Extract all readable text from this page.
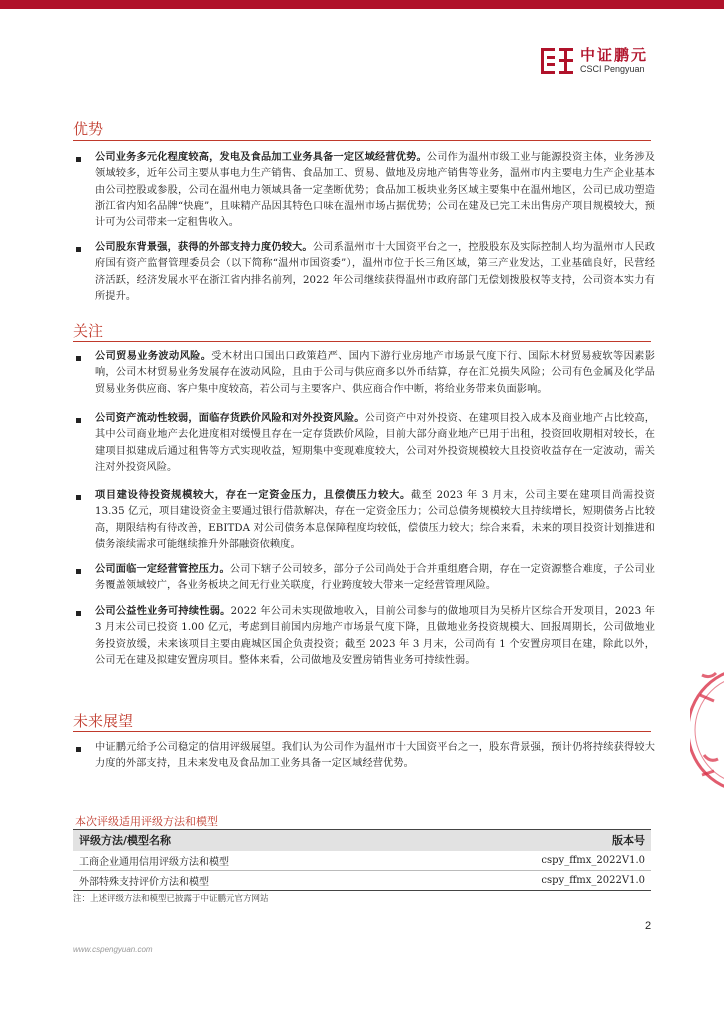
中证鹏元
CSCI Pengyuan
优势
公司业务多元化程度较高，发电及食品加工业务具备一定区域经营优势。公司作为温州市级工业与能源投资主体，业务涉及领域较多，近年公司主要从事电力生产销售、食品加工、贸易、做地及房地产销售等业务，温州市内主要电力生产企业基本由公司控股或参股，公司在温州电力领域具备一定垄断优势；食品加工板块业务区域主要集中在温州地区，公司已成功塑造浙江省内知名品牌“快鹿”，且味精产品因其特色口味在温州市场占据优势；公司在建及已完工未出售房产项目规模较大，预计可为公司带来一定租售收入。
公司股东背景强，获得的外部支持力度仍较大。公司系温州市十大国资平台之一，控股股东及实际控制人均为温州市人民政府国有资产监督管理委员会（以下简称“温州市国资委”），温州市位于长三角区域，第三产业发达，工业基础良好，民营经济活跃，经济发展水平在浙江省内排名前列，2022 年公司继续获得温州市政府部门无偿划拨股权等支持，公司资本实力有所提升。
关注
公司贸易业务波动风险。受木材出口国出口政策趋严、国内下游行业房地产市场景气度下行、国际木材贸易疲软等因素影响，公司木材贸易业务发展存在波动风险，且由于公司与供应商多以外币结算，存在汇兑损失风险；公司有色金属及化学品贸易业务供应商、客户集中度较高，若公司与主要客户、供应商合作中断，将给业务带来负面影响。
公司资产流动性较弱，面临存货跌价风险和对外投资风险。公司资产中对外投资、在建项目投入成本及商业地产占比较高，其中公司商业地产去化进度相对缓慢且存在一定存货跌价风险，目前大部分商业地产已用于出租，投资回收期相对较长，在建项目拟建成后通过租售等方式实现收益，短期集中变现难度较大，公司对外投资规模较大且投资收益存在一定波动，需关注对外投资风险。
项目建设待投资规模较大，存在一定资金压力，且偿债压力较大。截至 2023 年 3 月末，公司主要在建项目尚需投资 13.35 亿元，项目建设资金主要通过银行借款解决，存在一定资金压力；公司总债务规模较大且持续增长，短期债务占比较高，期限结构有待改善，EBITDA 对公司债务本息保障程度均较低，偿债压力较大；综合来看，未来的项目投资计划推进和债务滚续需求可能继续推升外部融资依赖度。
公司面临一定经营管控压力。公司下辖子公司较多，部分子公司尚处于合并重组磨合期，存在一定资源整合难度，子公司业务覆盖领域较广，各业务板块之间无行业关联度，行业跨度较大带来一定经营管理风险。
公司公益性业务可持续性弱。2022 年公司未实现做地收入，目前公司参与的做地项目为吴桥片区综合开发项目，2023 年 3 月末公司已投资 1.00 亿元，考虑到目前国内房地产市场景气度下降，且做地业务投资规模大、回报周期长，公司做地业务投资放缓，未来该项目主要由鹿城区国企负责投资；截至 2023 年 3 月末，公司尚有 1 个安置房项目在建，除此以外，公司无在建及拟建安置房项目。整体来看，公司做地及安置房销售业务可持续性弱。
未来展望
中证鹏元给予公司稳定的信用评级展望。我们认为公司作为温州市十大国资平台之一，股东背景强，预计仍将持续获得较大力度的外部支持，且未来发电及食品加工业务具备一定区域经营优势。
本次评级适用评级方法和模型
评级方法/模型名称	版本号
工商企业通用信用评级方法和模型	cspy_ffmx_2022V1.0
外部特殊支持评价方法和模型	cspy_ffmx_2022V1.0
注：上述评级方法和模型已披露于中证鹏元官方网站
2
www.cspengyuan.com
